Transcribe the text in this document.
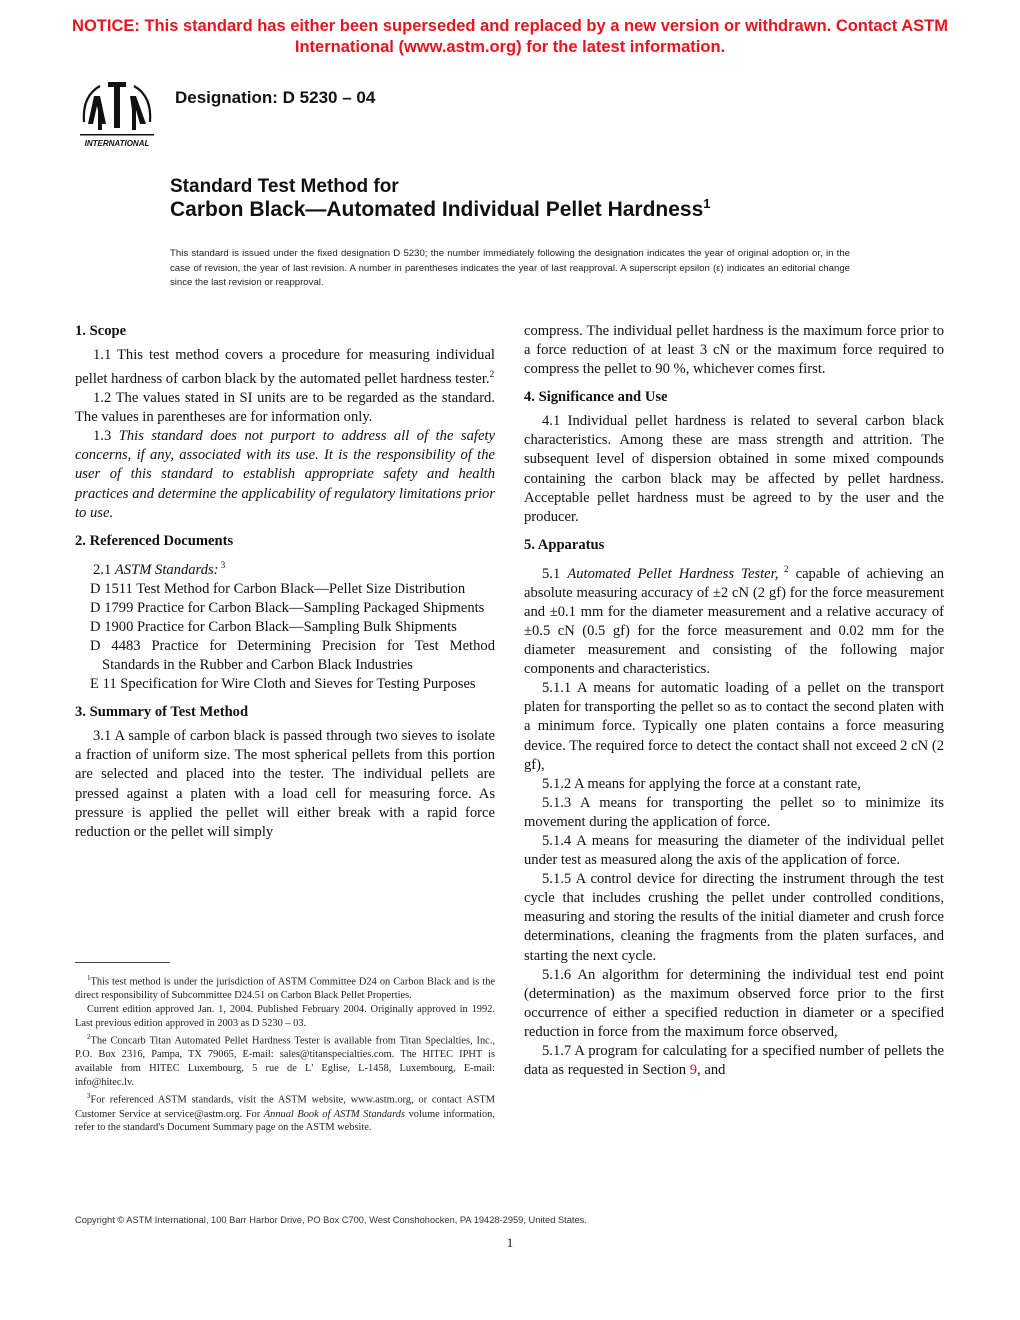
NOTICE: This standard has either been superseded and replaced by a new version or withdrawn. Contact ASTM
International (www.astm.org) for the latest information.
INTERNATIONAL
Designation: D 5230 – 04
Standard Test Method for
Carbon Black—Automated Individual Pellet Hardness$^1$
This standard is issued under the fixed designation D 5230; the number immediately following the designation indicates the year of original adoption or, in the case of revision, the year of last revision. A number in parentheses indicates the year of last reapproval. A superscript epsilon (ε) indicates an editorial change since the last revision or reapproval.
1. Scope

1.1 This test method covers a procedure for measuring individual pellet hardness of carbon black by the automated pellet hardness tester.$^2$

1.2 The values stated in SI units are to be regarded as the standard. The values in parentheses are for information only.

1.3 This standard does not purport to address all of the safety concerns, if any, associated with its use. It is the responsibility of the user of this standard to establish appropriate safety and health practices and determine the applicability of regulatory limitations prior to use.

2. Referenced Documents

2.1 ASTM Standards: $^3$

D 1511 Test Method for Carbon Black—Pellet Size Distribution

D 1799 Practice for Carbon Black—Sampling Packaged Shipments

D 1900 Practice for Carbon Black—Sampling Bulk Shipments

D 4483 Practice for Determining Precision for Test Method Standards in the Rubber and Carbon Black Industries

E 11 Specification for Wire Cloth and Sieves for Testing Purposes

3. Summary of Test Method

3.1 A sample of carbon black is passed through two sieves to isolate a fraction of uniform size. The most spherical pellets from this portion are selected and placed into the tester. The individual pellets are pressed against a platen with a load cell for measuring force. As pressure is applied the pellet will either break with a rapid force reduction or the pellet will simply

compress. The individual pellet hardness is the maximum force prior to a force reduction of at least 3 cN or the maximum force required to compress the pellet to 90 %, whichever comes first.

4. Significance and Use

4.1 Individual pellet hardness is related to several carbon black characteristics. Among these are mass strength and attrition. The subsequent level of dispersion obtained in some mixed compounds containing the carbon black may be affected by pellet hardness. Acceptable pellet hardness must be agreed to by the user and the producer.

5. Apparatus

5.1 Automated Pellet Hardness Tester, $^2$ capable of achieving an absolute measuring accuracy of ±2 cN (2 gf) for the force measurement and ±0.1 mm for the diameter measurement and a relative accuracy of ±0.5 cN (0.5 gf) for the force measurement and 0.02 mm for the diameter measurement and consisting of the following major components and characteristics.

5.1.1 A means for automatic loading of a pellet on the transport platen for transporting the pellet so as to contact the second platen with a minimum force. Typically one platen contains a force measuring device. The required force to detect the contact shall not exceed 2 cN (2 gf),

5.1.2 A means for applying the force at a constant rate,

5.1.3 A means for transporting the pellet so to minimize its movement during the application of force.

5.1.4 A means for measuring the diameter of the individual pellet under test as measured along the axis of the application of force.

5.1.5 A control device for directing the instrument through the test cycle that includes crushing the pellet under controlled conditions, measuring and storing the results of the initial diameter and crush force determinations, cleaning the fragments from the platen surfaces, and starting the next cycle.

5.1.6 An algorithm for determining the individual test end point (determination) as the maximum observed force prior to the first occurrence of either a specified reduction in diameter or a specified reduction in force from the maximum force observed,

5.1.7 A program for calculating for a specified number of pellets the data as requested in Section 9, and

$^1$This test method is under the jurisdiction of ASTM Committee D24 on Carbon Black and is the direct responsibility of Subcommittee D24.51 on Carbon Black Pellet Properties.

Current edition approved Jan. 1, 2004. Published February 2004. Originally approved in 1992. Last previous edition approved in 2003 as D 5230 – 03.

$^2$The Concarb Titan Automated Pellet Hardness Tester is available from Titan Specialties, Inc., P.O. Box 2316, Pampa, TX 79065, E-mail: sales@titanspecialties.com. The HITEC IPHT is available from HITEC Luxembourg, 5 rue de L' Eglise, L-1458, Luxembourg, E-mail: info@hitec.lv.

$^3$For referenced ASTM standards, visit the ASTM website, www.astm.org, or contact ASTM Customer Service at service@astm.org. For Annual Book of ASTM Standards volume information, refer to the standard's Document Summary page on the ASTM website.

Copyright © ASTM International, 100 Barr Harbor Drive, PO Box C700, West Conshohocken, PA 19428-2959, United States.
1
